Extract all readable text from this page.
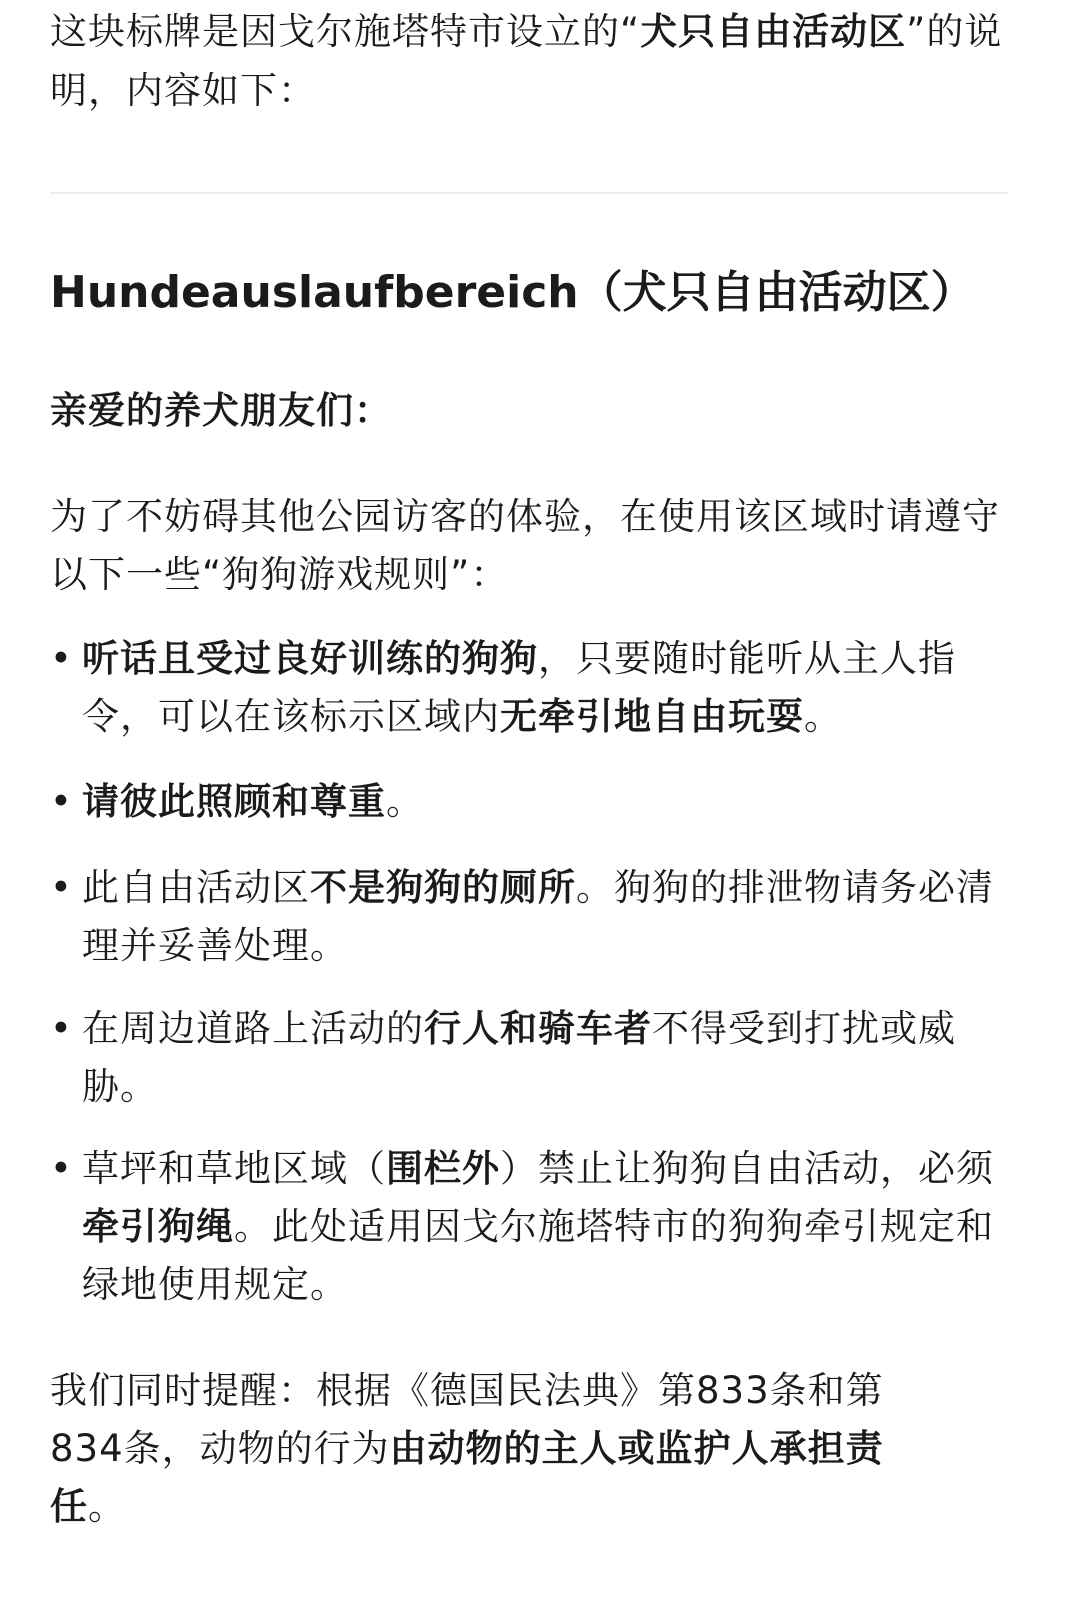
这块标牌是因戈尔施塔特市设立的“犬只自由活动区”的说明，内容如下：
Hundeauslaufbereich（犬只自由活动区）
亲爱的养犬朋友们：
为了不妨碍其他公园访客的体验，在使用该区域时请遵守以下一些“狗狗游戏规则”：
• 听话且受过良好训练的狗狗，只要随时能听从主人指令，可以在该标示区域内无牵引地自由玩耍。
• 请彼此照顾和尊重。
• 此自由活动区不是狗狗的厕所。狗狗的排泄物请务必清理并妥善处理。
• 在周边道路上活动的行人和骑车者不得受到打扰或威胁。
• 草坪和草地区域（围栏外）禁止让狗狗自由活动，必须牵引狗绳。此处适用因戈尔施塔特市的狗狗牵引规定和绿地使用规定。
我们同时提醒：根据《德国民法典》第833条和第834条，动物的行为由动物的主人或监护人承担责任。
